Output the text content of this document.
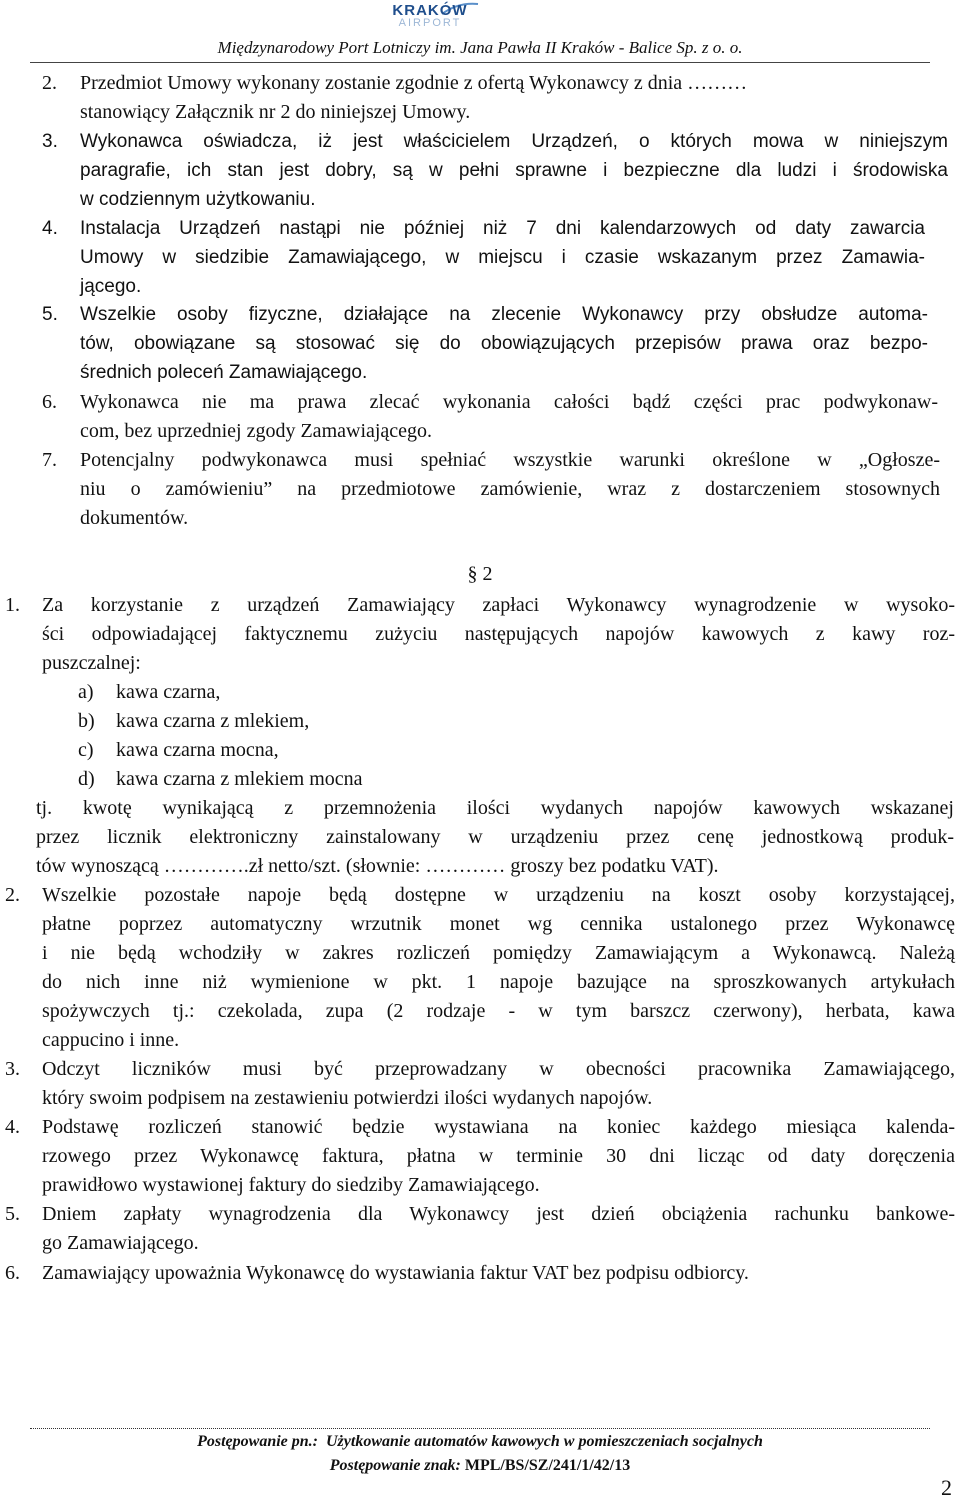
KRAKÓW
AIRPORT
Międzynarodowy Port Lotniczy im. Jana Pawła II Kraków - Balice Sp. z o. o.
2. Przedmiot Umowy wykonany zostanie zgodnie z ofertą Wykonawcy z dnia ………
stanowiący Załącznik nr 2 do niniejszej Umowy.
3. Wykonawca oświadcza, iż jest właścicielem Urządzeń, o których mowa w niniejszym
paragrafie, ich stan jest dobry, są w pełni sprawne i bezpieczne dla ludzi i środowiska
w codziennym użytkowaniu.
4. Instalacja Urządzeń nastąpi nie później niż 7 dni kalendarzowych od daty zawarcia
Umowy w siedzibie Zamawiającego, w miejscu i czasie wskazanym przez Zamawia-
jącego.
5. Wszelkie osoby fizyczne, działające na zlecenie Wykonawcy przy obsłudze automa-
tów, obowiązane są stosować się do obowiązujących przepisów prawa oraz bezpo-
średnich poleceń Zamawiającego.
6. Wykonawca nie ma prawa zlecać wykonania całości bądź części prac podwykonaw-
com, bez uprzedniej zgody Zamawiającego.
7. Potencjalny podwykonawca musi spełniać wszystkie warunki określone w „Ogłosze-
niu o zamówieniu” na przedmiotowe zamówienie, wraz z dostarczeniem stosownych
dokumentów.
§ 2
1. Za korzystanie z urządzeń Zamawiający zapłaci Wykonawcy wynagrodzenie w wysoko-
ści odpowiadającej faktycznemu zużyciu następujących napojów kawowych z kawy roz-
puszczalnej:
a) kawa czarna,
b) kawa czarna z mlekiem,
c) kawa czarna mocna,
d) kawa czarna z mlekiem mocna
tj. kwotę wynikającą z przemnożenia ilości wydanych napojów kawowych wskazanej
przez licznik elektroniczny zainstalowany w urządzeniu przez cenę jednostkową produk-
tów wynoszącą ………….zł netto/szt. (słownie: ………… groszy bez podatku VAT).
2. Wszelkie pozostałe napoje będą dostępne w urządzeniu na koszt osoby korzystającej,
płatne poprzez automatyczny wrzutnik monet wg cennika ustalonego przez Wykonawcę
i nie będą wchodziły w zakres rozliczeń pomiędzy Zamawiającym a Wykonawcą. Należą
do nich inne niż wymienione w pkt. 1 napoje bazujące na sproszkowanych artykułach
spożywczych tj.: czekolada, zupa (2 rodzaje - w tym barszcz czerwony), herbata, kawa
cappucino i inne.
3. Odczyt liczników musi być przeprowadzany w obecności pracownika Zamawiającego,
który swoim podpisem na zestawieniu potwierdzi ilości wydanych napojów.
4. Podstawę rozliczeń stanowić będzie wystawiana na koniec każdego miesiąca kalenda-
rzowego przez Wykonawcę faktura, płatna w terminie 30 dni licząc od daty doręczenia
prawidłowo wystawionej faktury do siedziby Zamawiającego.
5. Dniem zapłaty wynagrodzenia dla Wykonawcy jest dzień obciążenia rachunku bankowe-
go Zamawiającego.
6. Zamawiający upoważnia Wykonawcę do wystawiania faktur VAT bez podpisu odbiorcy.
Postępowanie pn.: Użytkowanie automatów kawowych w pomieszczeniach socjalnych
Postępowanie znak: MPL/BS/SZ/241/1/42/13
2
